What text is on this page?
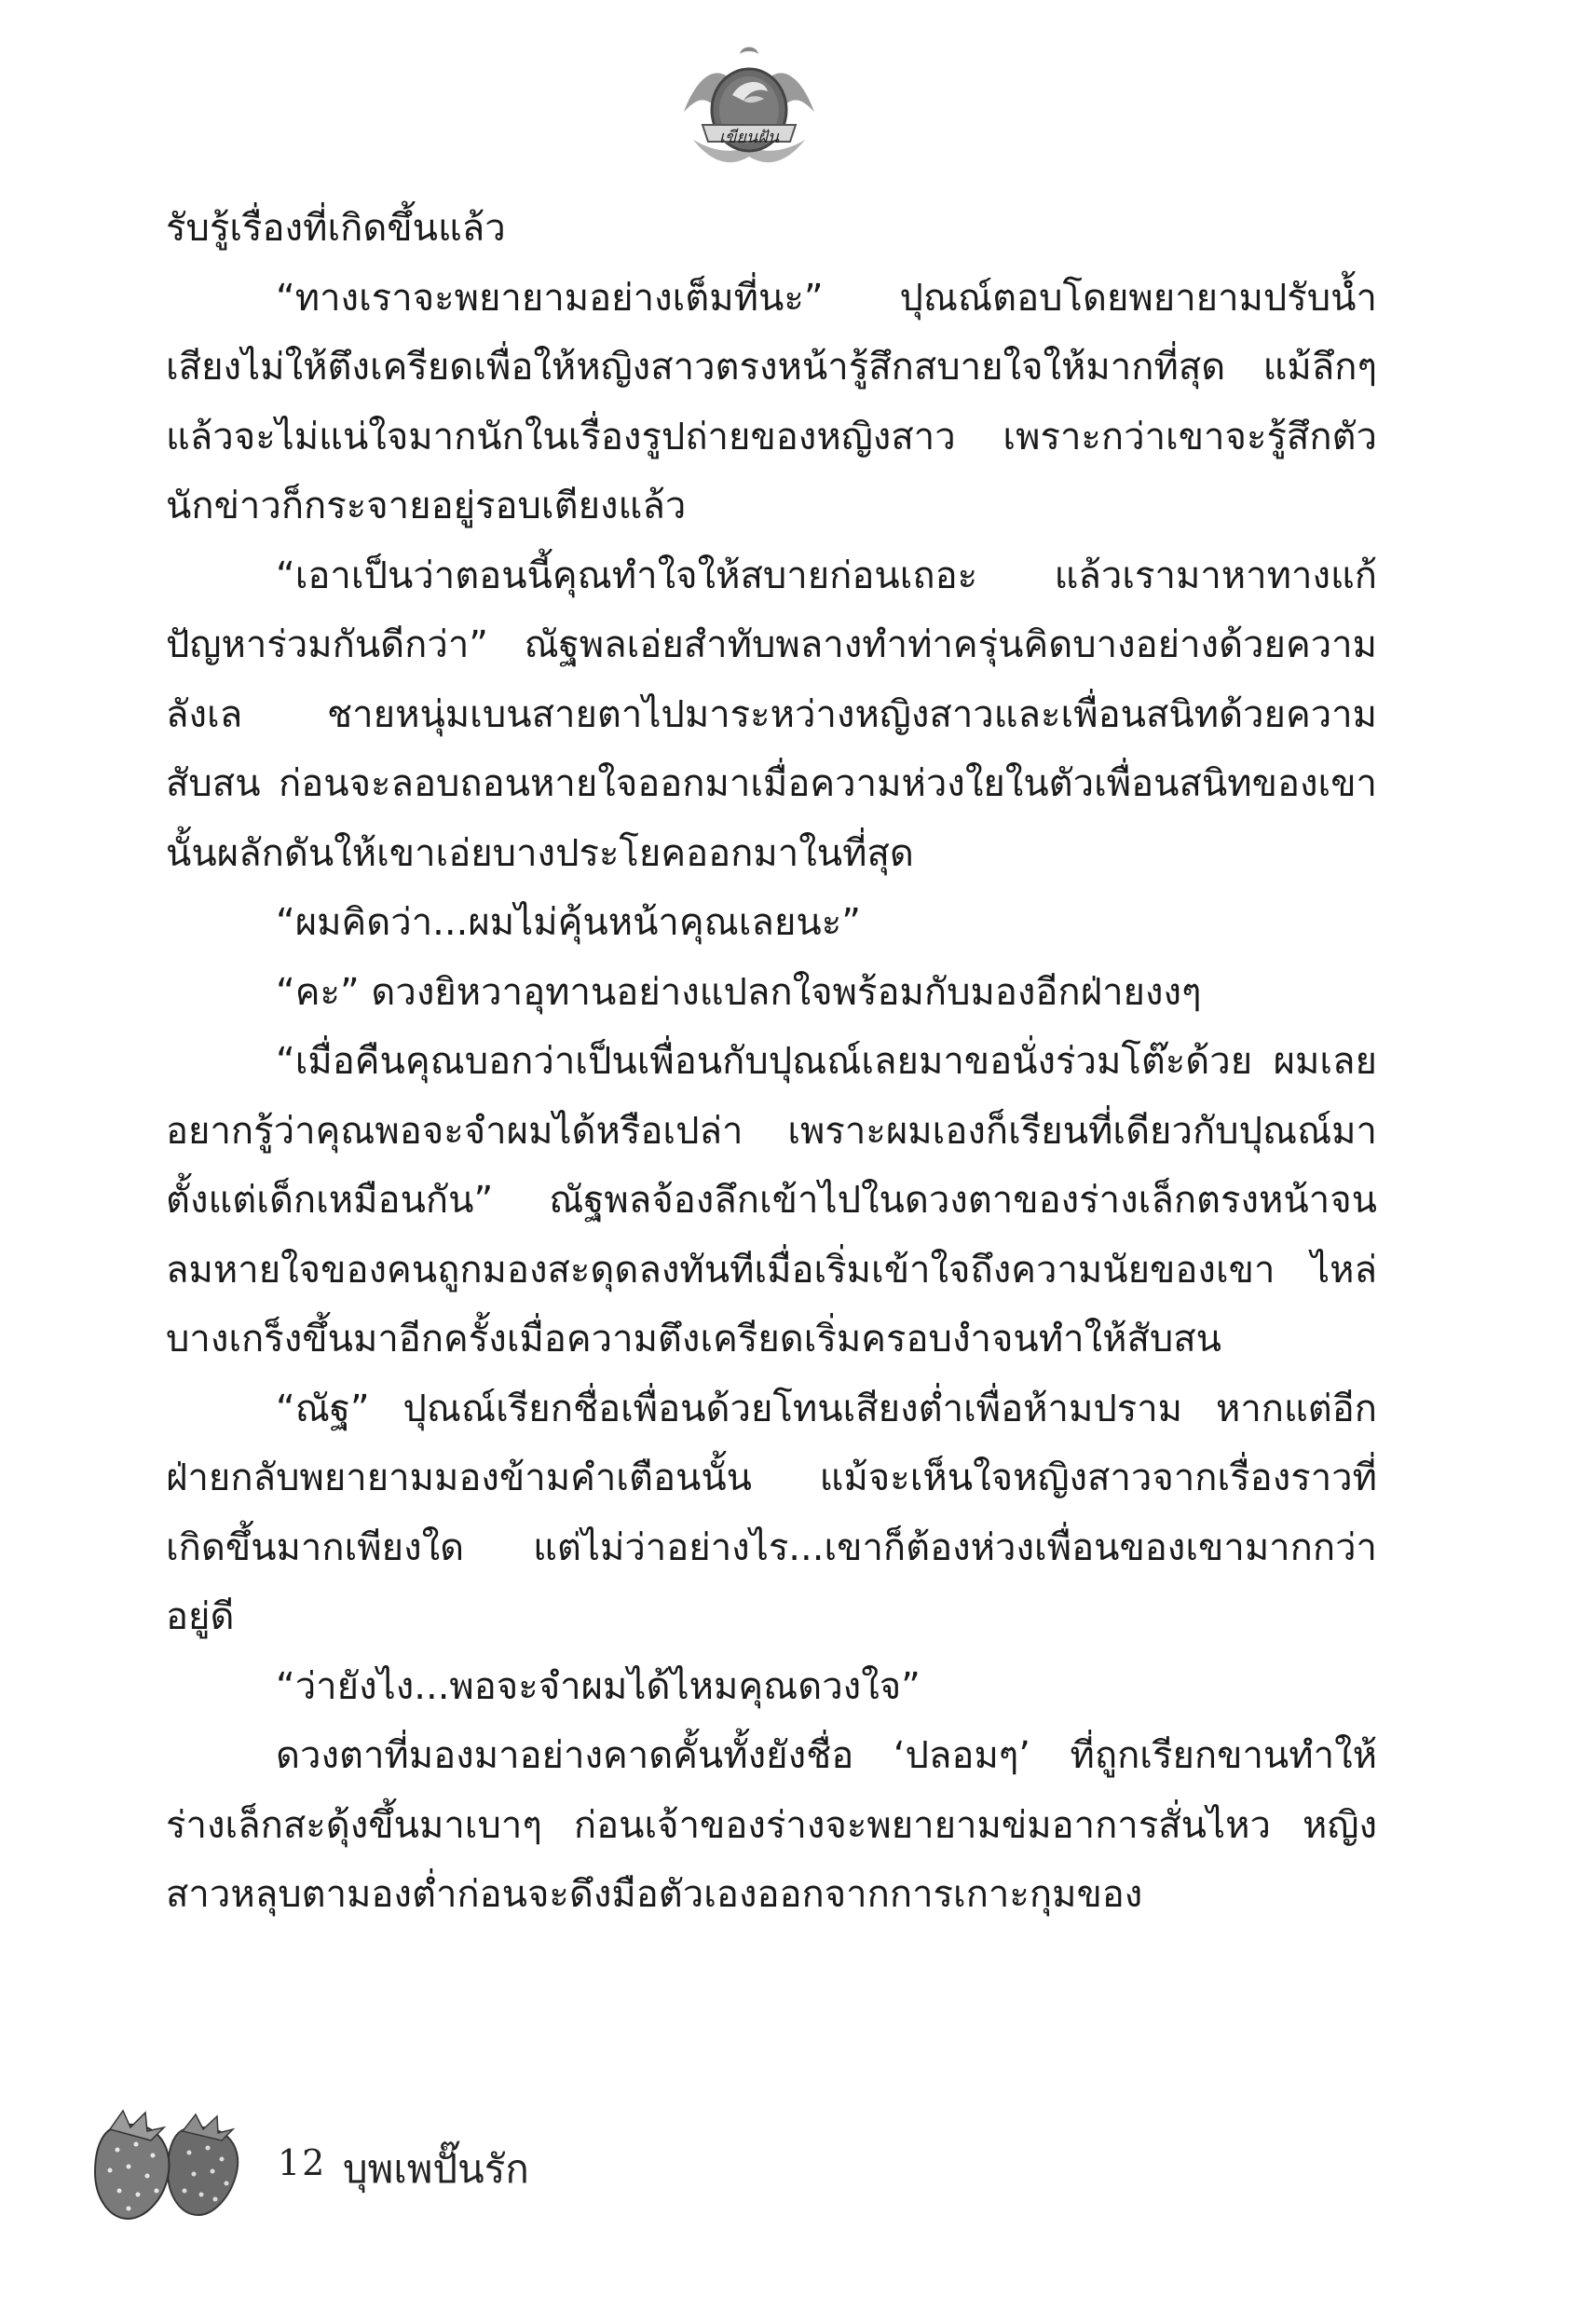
เขียนฝัน

รับรู้เรื่องที่เกิดขึ้นแล้ว

“ทางเราจะพยายามอย่างเต็มที่นะ” ปุณณ์ตอบโดยพยายามปรับน้ำเสียงไม่ให้ตึงเครียดเพื่อให้หญิงสาวตรงหน้ารู้สึกสบายใจให้มากที่สุด แม้ลึกๆ แล้วจะไม่แน่ใจมากนักในเรื่องรูปถ่ายของหญิงสาว เพราะกว่าเขาจะรู้สึกตัว นักข่าวก็กระจายอยู่รอบเตียงแล้ว

“เอาเป็นว่าตอนนี้คุณทำใจให้สบายก่อนเถอะ แล้วเรามาหาทางแก้ปัญหาร่วมกันดีกว่า” ณัฐพลเอ่ยสำทับพลางทำท่าครุ่นคิดบางอย่างด้วยความลังเล ชายหนุ่มเบนสายตาไปมาระหว่างหญิงสาวและเพื่อนสนิทด้วยความสับสน ก่อนจะลอบถอนหายใจออกมาเมื่อความห่วงใยในตัวเพื่อนสนิทของเขานั้นผลักดันให้เขาเอ่ยบางประโยคออกมาในที่สุด

“ผมคิดว่า...ผมไม่คุ้นหน้าคุณเลยนะ”

“คะ” ดวงยิหวาอุทานอย่างแปลกใจพร้อมกับมองอีกฝ่ายงงๆ

“เมื่อคืนคุณบอกว่าเป็นเพื่อนกับปุณณ์เลยมาขอนั่งร่วมโต๊ะด้วย ผมเลยอยากรู้ว่าคุณพอจะจำผมได้หรือเปล่า เพราะผมเองก็เรียนที่เดียวกับปุณณ์มาตั้งแต่เด็กเหมือนกัน” ณัฐพลจ้องลึกเข้าไปในดวงตาของร่างเล็กตรงหน้าจนลมหายใจของคนถูกมองสะดุดลงทันทีเมื่อเริ่มเข้าใจถึงความนัยของเขา ไหล่บางเกร็งขึ้นมาอีกครั้งเมื่อความตึงเครียดเริ่มครอบงำจนทำให้สับสน

“ณัฐ” ปุณณ์เรียกชื่อเพื่อนด้วยโทนเสียงต่ำเพื่อห้ามปราม หากแต่อีกฝ่ายกลับพยายามมองข้ามคำเตือนนั้น แม้จะเห็นใจหญิงสาวจากเรื่องราวที่เกิดขึ้นมากเพียงใด แต่ไม่ว่าอย่างไร...เขาก็ต้องห่วงเพื่อนของเขามากกว่าอยู่ดี

“ว่ายังไง...พอจะจำผมได้ไหมคุณดวงใจ”

ดวงตาที่มองมาอย่างคาดคั้นทั้งยังชื่อ ‘ปลอมๆ’ ที่ถูกเรียกขานทำให้ร่างเล็กสะดุ้งขึ้นมาเบาๆ ก่อนเจ้าของร่างจะพยายามข่มอาการสั่นไหว หญิงสาวหลุบตามองต่ำก่อนจะดึงมือตัวเองออกจากการเกาะกุมของ

12 บุพเพปั๊นรัก
